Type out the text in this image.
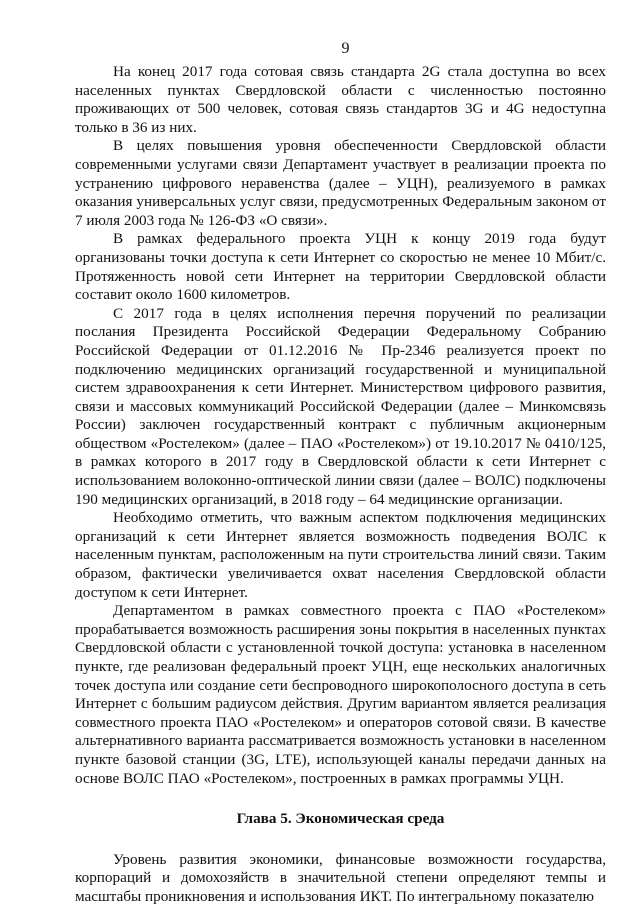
9

На конец 2017 года сотовая связь стандарта 2G стала доступна во всех населенных пунктах Свердловской области с численностью постоянно проживающих от 500 человек, сотовая связь стандартов 3G и 4G недоступна только в 36 из них.

В целях повышения уровня обеспеченности Свердловской области современными услугами связи Департамент участвует в реализации проекта по устранению цифрового неравенства (далее – УЦН), реализуемого в рамках оказания универсальных услуг связи, предусмотренных Федеральным законом от 7 июля 2003 года № 126-ФЗ «О связи».

В рамках федерального проекта УЦН к концу 2019 года будут организованы точки доступа к сети Интернет со скоростью не менее 10 Мбит/с. Протяженность новой сети Интернет на территории Свердловской области составит около 1600 километров.

С 2017 года в целях исполнения перечня поручений по реализации послания Президента Российской Федерации Федеральному Собранию Российской Федерации от 01.12.2016 № Пр-2346 реализуется проект по подключению медицинских организаций государственной и муниципальной систем здравоохранения к сети Интернет. Министерством цифрового развития, связи и массовых коммуникаций Российской Федерации (далее – Минкомсвязь России) заключен государственный контракт с публичным акционерным обществом «Ростелеком» (далее – ПАО «Ростелеком») от 19.10.2017 № 0410/125, в рамках которого в 2017 году в Свердловской области к сети Интернет с использованием волоконно-оптической линии связи (далее – ВОЛС) подключены 190 медицинских организаций, в 2018 году – 64 медицинские организации.

Необходимо отметить, что важным аспектом подключения медицинских организаций к сети Интернет является возможность подведения ВОЛС к населенным пунктам, расположенным на пути строительства линий связи. Таким образом, фактически увеличивается охват населения Свердловской области доступом к сети Интернет.

Департаментом в рамках совместного проекта с ПАО «Ростелеком» прорабатывается возможность расширения зоны покрытия в населенных пунктах Свердловской области с установленной точкой доступа: установка в населенном пункте, где реализован федеральный проект УЦН, еще нескольких аналогичных точек доступа или создание сети беспроводного широкополосного доступа в сеть Интернет с большим радиусом действия. Другим вариантом является реализация совместного проекта ПАО «Ростелеком» и операторов сотовой связи. В качестве альтернативного варианта рассматривается возможность установки в населенном пункте базовой станции (3G, LTE), использующей каналы передачи данных на основе ВОЛС ПАО «Ростелеком», построенных в рамках программы УЦН.

Глава 5. Экономическая среда

Уровень развития экономики, финансовые возможности государства, корпораций и домохозяйств в значительной степени определяют темпы и масштабы проникновения и использования ИКТ. По интегральному показателю
